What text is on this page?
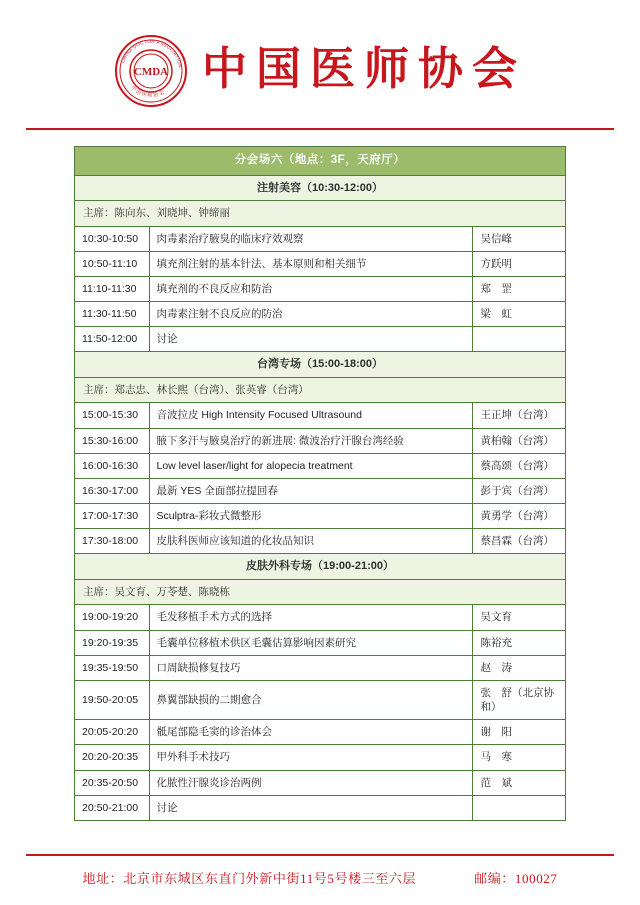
CMDA
CHINA DOCTOR ASSOCIATION
中国医师协会 中国医师协会
分会场六（地点：3F，天府厅）		
注射美容（10:30-12:00）		
主席：陈向东、刘晓坤、钟缔丽		
10:30-10:50	肉毒素治疗腋臭的临床疗效观察	吴信峰
10:50-11:10	填充剂注射的基本针法、基本原则和相关细节	方跃明
11:10-11:30	填充剂的不良反应和防治	郑　罡
11:30-11:50	肉毒素注射不良反应的防治	梁　虹
11:50-12:00	讨论	
台湾专场（15:00-18:00）		
主席：郑志忠、林长熙（台湾）、张英睿（台湾）		
15:00-15:30	音波拉皮 High Intensity Focused Ultrasound	王正坤（台湾）
15:30-16:00	腋下多汗与腋臭治疗的新进展: 微波治疗汗腺台湾经验	黄柏翰（台湾）
16:00-16:30	Low level laser/light for alopecia treatment	蔡高颂（台湾）
16:30-17:00	最新 YES 全面部拉提回春	彭于宾（台湾）
17:00-17:30	Sculptra-彩妆式微整形	黄勇学（台湾）
17:30-18:00	皮肤科医师应该知道的化妆品知识	蔡昌霖（台湾）
皮肤外科专场（19:00-21:00）		
主席：吴文育、万苓楚、陈晓栋		
19:00-19:20	毛发移植手术方式的选择	吴文育
19:20-19:35	毛囊单位移植术供区毛囊估算影响因素研究	陈裕充
19:35-19:50	口周缺损修复技巧	赵　涛
19:50-20:05	鼻翼部缺损的二期愈合	张　舒（北京协和）
20:05-20:20	骶尾部隐毛窦的诊治体会	谢　阳
20:20-20:35	甲外科手术技巧	马　寒
20:35-20:50	化脓性汗腺炎诊治两例	范　斌
20:50-21:00	讨论	
地址：北京市东城区东直门外新中街11号5号楼三至六层	邮编：100027
